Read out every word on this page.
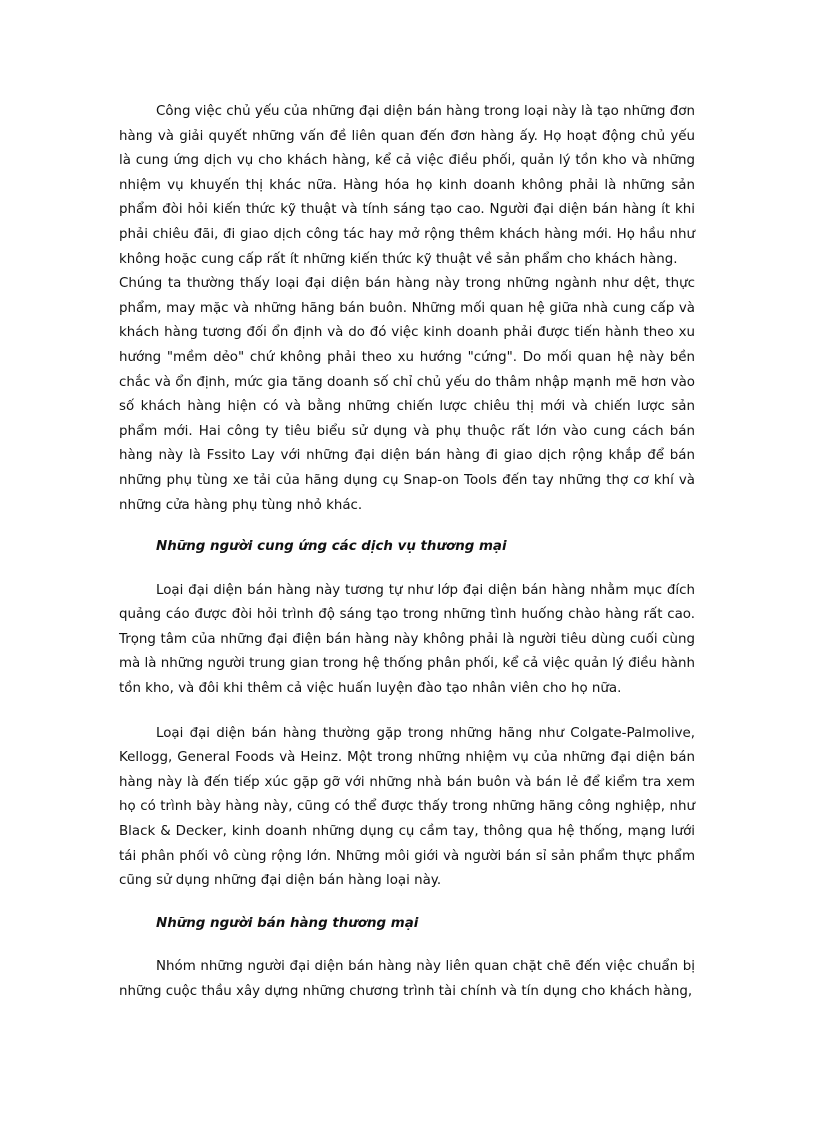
Công việc chủ yếu của những đại diện bán hàng trong loại này là tạo những đơn hàng và giải quyết những vấn đề liên quan đến đơn hàng ấy. Họ hoạt động chủ yếu là cung ứng dịch vụ cho khách hàng, kể cả việc điều phối, quản lý tồn kho và những nhiệm vụ khuyến thị khác nữa. Hàng hóa họ kinh doanh không phải là những sản phẩm đòi hỏi kiến thức kỹ thuật và tính sáng tạo cao. Người đại diện bán hàng ít khi phải chiêu đãi, đi giao dịch công tác hay mở rộng thêm khách hàng mới. Họ hầu như không hoặc cung cấp rất ít những kiến thức kỹ thuật về sản phẩm cho khách hàng.

Chúng ta thường thấy loại đại diện bán hàng này trong những ngành như dệt, thực phẩm, may mặc và những hãng bán buôn. Những mối quan hệ giữa nhà cung cấp và khách hàng tương đối ổn định và do đó việc kinh doanh phải được tiến hành theo xu hướng "mềm dẻo" chứ không phải theo xu hướng "cứng". Do mối quan hệ này bền chắc và ổn định, mức gia tăng doanh số chỉ chủ yếu do thâm nhập mạnh mẽ hơn vào số khách hàng hiện có và bằng những chiến lược chiêu thị mới và chiến lược sản phẩm mới. Hai công ty tiêu biểu sử dụng và phụ thuộc rất lớn vào cung cách bán hàng này là Fssito Lay với những đại diện bán hàng đi giao dịch rộng khắp để bán những phụ tùng xe tải của hãng dụng cụ Snap-on Tools đến tay những thợ cơ khí và những cửa hàng phụ tùng nhỏ khác.

Những người cung ứng các dịch vụ thương mại

Loại đại diện bán hàng này tương tự như lớp đại diện bán hàng nhằm mục đích quảng cáo được đòi hỏi trình độ sáng tạo trong những tình huống chào hàng rất cao. Trọng tâm của những đại điện bán hàng này không phải là người tiêu dùng cuối cùng mà là những người trung gian trong hệ thống phân phối, kể cả việc quản lý điều hành tồn kho, và đôi khi thêm cả việc huấn luyện đào tạo nhân viên cho họ nữa.

Loại đại diện bán hàng thường gặp trong những hãng như Colgate-Palmolive, Kellogg, General Foods và Heinz. Một trong những nhiệm vụ của những đại diện bán hàng này là đến tiếp xúc gặp gỡ với những nhà bán buôn và bán lẻ để kiểm tra xem họ có trình bày hàng này, cũng có thể được thấy trong những hãng công nghiệp, như Black & Decker, kinh doanh những dụng cụ cầm tay, thông qua hệ thống, mạng lưới tái phân phối vô cùng rộng lớn. Những môi giới và người bán sỉ sản phẩm thực phẩm cũng sử dụng những đại diện bán hàng loại này.

Những người bán hàng thương mại

Nhóm những người đại diện bán hàng này liên quan chặt chẽ đến việc chuẩn bị những cuộc thầu xây dựng những chương trình tài chính và tín dụng cho khách hàng,
